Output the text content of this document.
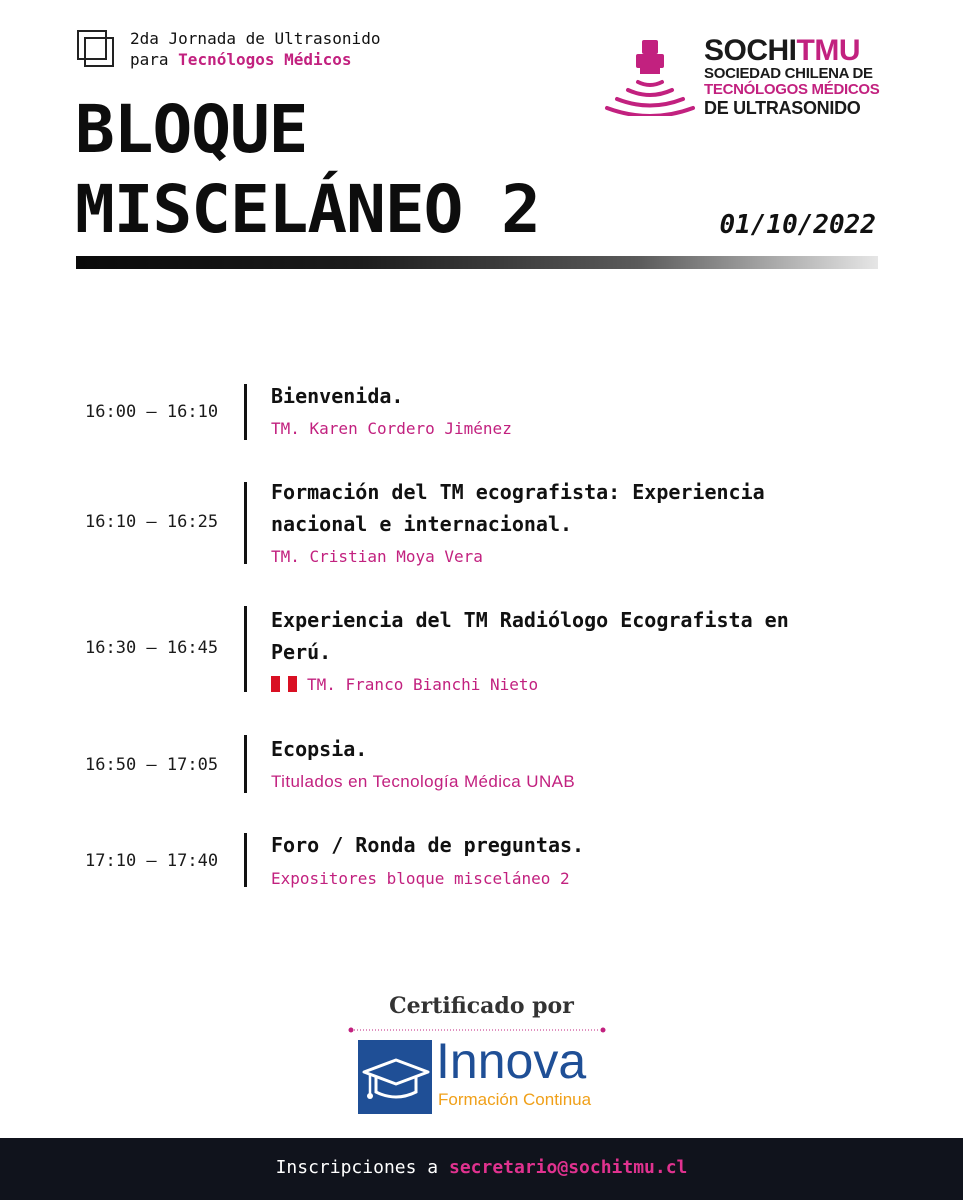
2da Jornada de Ultrasonido
para Tecnólogos Médicos
BLOQUE
MISCELÁNEO 2	01/10/2022
SOCHITMU
SOCIEDAD CHILENA DE
TECNÓLOGOS MÉDICOS
DE ULTRASONIDO
16:00 – 16:10
Bienvenida.
TM. Karen Cordero Jiménez
16:10 – 16:25
Formación del TM ecografista: Experiencia nacional e internacional.
TM. Cristian Moya Vera
16:30 – 16:45
Experiencia del TM Radiólogo Ecografista en Perú.
TM. Franco Bianchi Nieto
16:50 – 17:05
Ecopsia.
Titulados en Tecnología Médica UNAB
17:10 – 17:40
Foro / Ronda de preguntas.
Expositores bloque misceláneo 2
Certificado por
Innova
Formación Continua
Inscripciones a secretario@sochitmu.cl
